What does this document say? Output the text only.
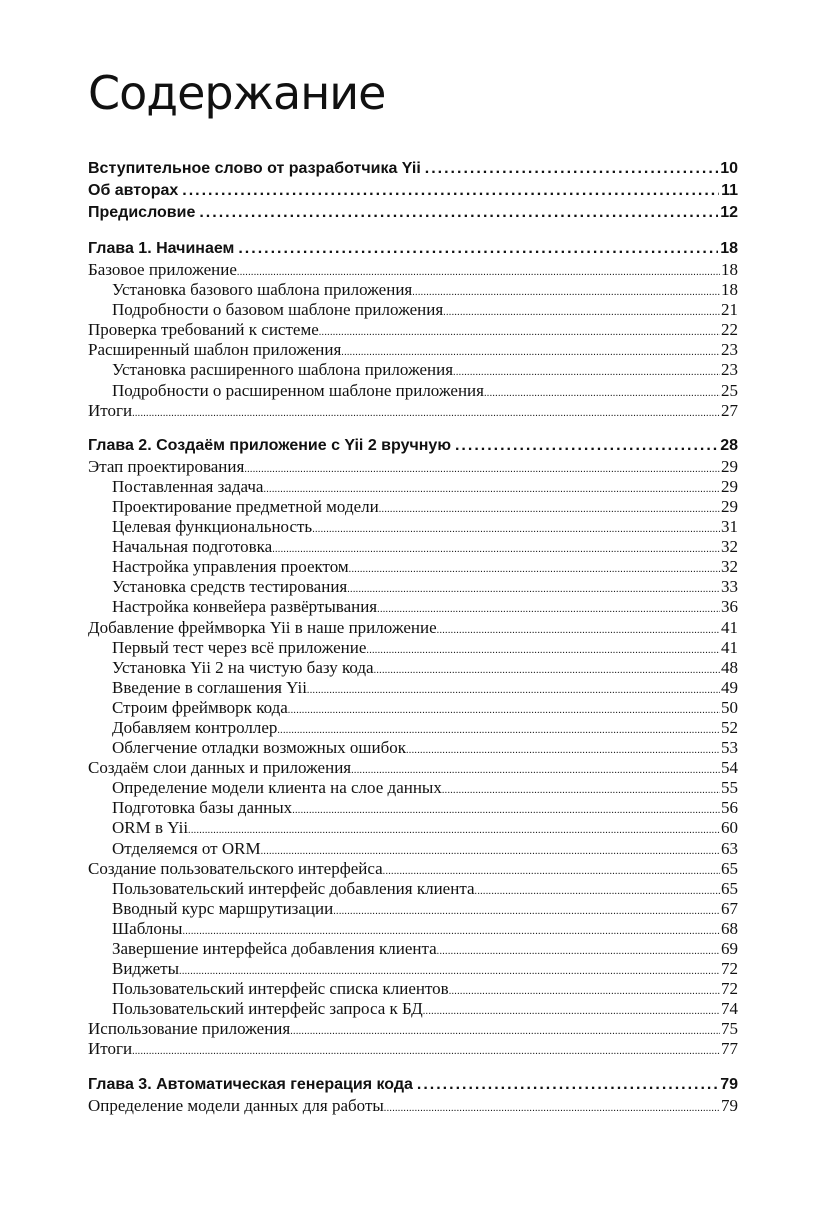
Содержание
Вступительное слово от разработчика Yii .....	10
Об авторах .....	11
Предисловие .....	12
Глава 1. Начинаем .....	18
Базовое приложение .....	18
Установка базового шаблона приложения .....	18
Подробности о базовом шаблоне приложения .....	21
Проверка требований к системе .....	22
Расширенный шаблон приложения .....	23
Установка расширенного шаблона приложения .....	23
Подробности о расширенном шаблоне приложения .....	25
Итоги .....	27
Глава 2. Создаём приложение с Yii 2 вручную .....	28
Этап проектирования .....	29
Поставленная задача .....	29
Проектирование предметной модели .....	29
Целевая функциональность .....	31
Начальная подготовка .....	32
Настройка управления проектом .....	32
Установка средств тестирования .....	33
Настройка конвейера развёртывания .....	36
Добавление фреймворка Yii в наше приложение .....	41
Первый тест через всё приложение .....	41
Установка Yii 2 на чистую базу кода .....	48
Введение в соглашения Yii .....	49
Строим фреймворк кода .....	50
Добавляем контроллер .....	52
Облегчение отладки возможных ошибок .....	53
Создаём слои данных и приложения .....	54
Определение модели клиента на слое данных .....	55
Подготовка базы данных .....	56
ORM в Yii .....	60
Отделяемся от ORM .....	63
Создание пользовательского интерфейса .....	65
Пользовательский интерфейс добавления клиента .....	65
Вводный курс маршрутизации .....	67
Шаблоны .....	68
Завершение интерфейса добавления клиента .....	69
Виджеты .....	72
Пользовательский интерфейс списка клиентов .....	72
Пользовательский интерфейс запроса к БД .....	74
Использование приложения .....	75
Итоги .....	77
Глава 3. Автоматическая генерация кода .....	79
Определение модели данных для работы .....	79
